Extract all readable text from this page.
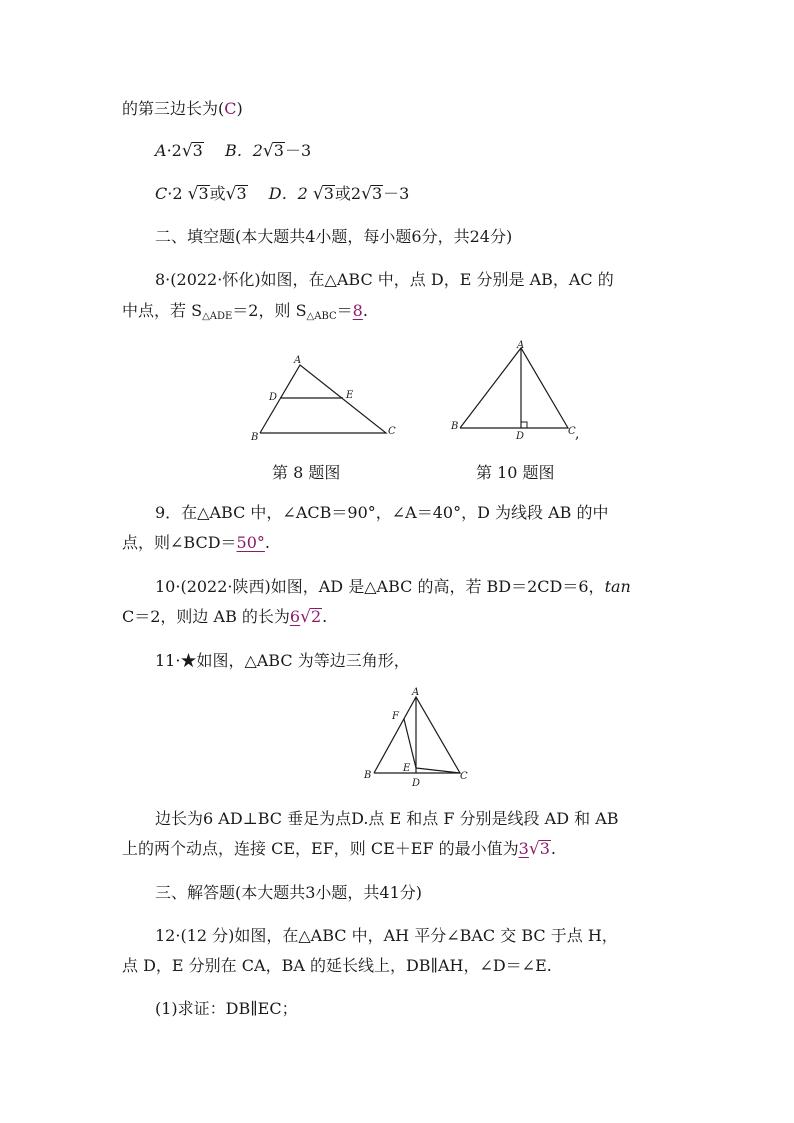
的第三边长为(C)
A·2√3 B．2√3－3
C·2 √3或√3 D．2 √3或2√3－3
二、填空题(本大题共4小题，每小题6分，共24分)
8·(2022·怀化)如图，在△ABC 中，点 D，E 分别是 AB，AC 的
中点，若 $S_{\triangle ADE}=2$，则 $S_{\triangle ABC}=8$.
A
B
C
D	E
第 8 题图
A
B	C
D	,
第 10 题图
9．在△ABC 中，∠ACB＝90°，∠A＝40°，D 为线段 AB 的中
点，则∠BCD＝50°.
10·(2022·陕西)如图，AD 是△ABC 的高，若 BD＝2CD＝6，tan
C＝2，则边 AB 的长为6√2.
11·★如图，△ABC 为等边三角形，
A
B	C
D
E
F
边长为6 AD⊥BC 垂足为点D.点 E 和点 F 分别是线段 AD 和 AB
上的两个动点，连接 CE，EF，则 CE＋EF 的最小值为3√3.
三、解答题(本大题共3小题，共41分)
12·(12 分)如图，在△ABC 中，AH 平分∠BAC 交 BC 于点 H，
点 D，E 分别在 CA，BA 的延长线上，DB∥AH，∠D＝∠E.
(1)求证：DB∥EC；
